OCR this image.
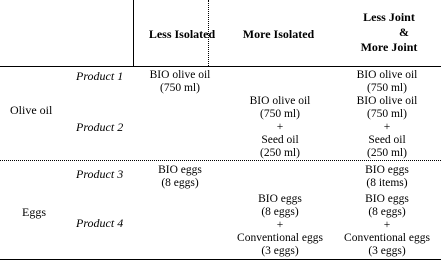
Less Isolated	More Isolated
Less Joint
&
More Joint
Olive oil
Eggs
Product 1
Product 2
Product 3
Product 4
BIO olive oil
(750 ml)
BIO olive oil
(750 ml)
BIO olive oil
(750 ml)
+
Seed oil
(250 ml)
BIO olive oil
(750 ml)
+
Seed oil
(250 ml)
BIO eggs
(8 eggs)
BIO eggs
(8 items)
BIO eggs
(8 eggs)
+
Conventional eggs
(3 eggs)
BIO eggs
(8 eggs)
+
Conventional eggs
(3 eggs)
